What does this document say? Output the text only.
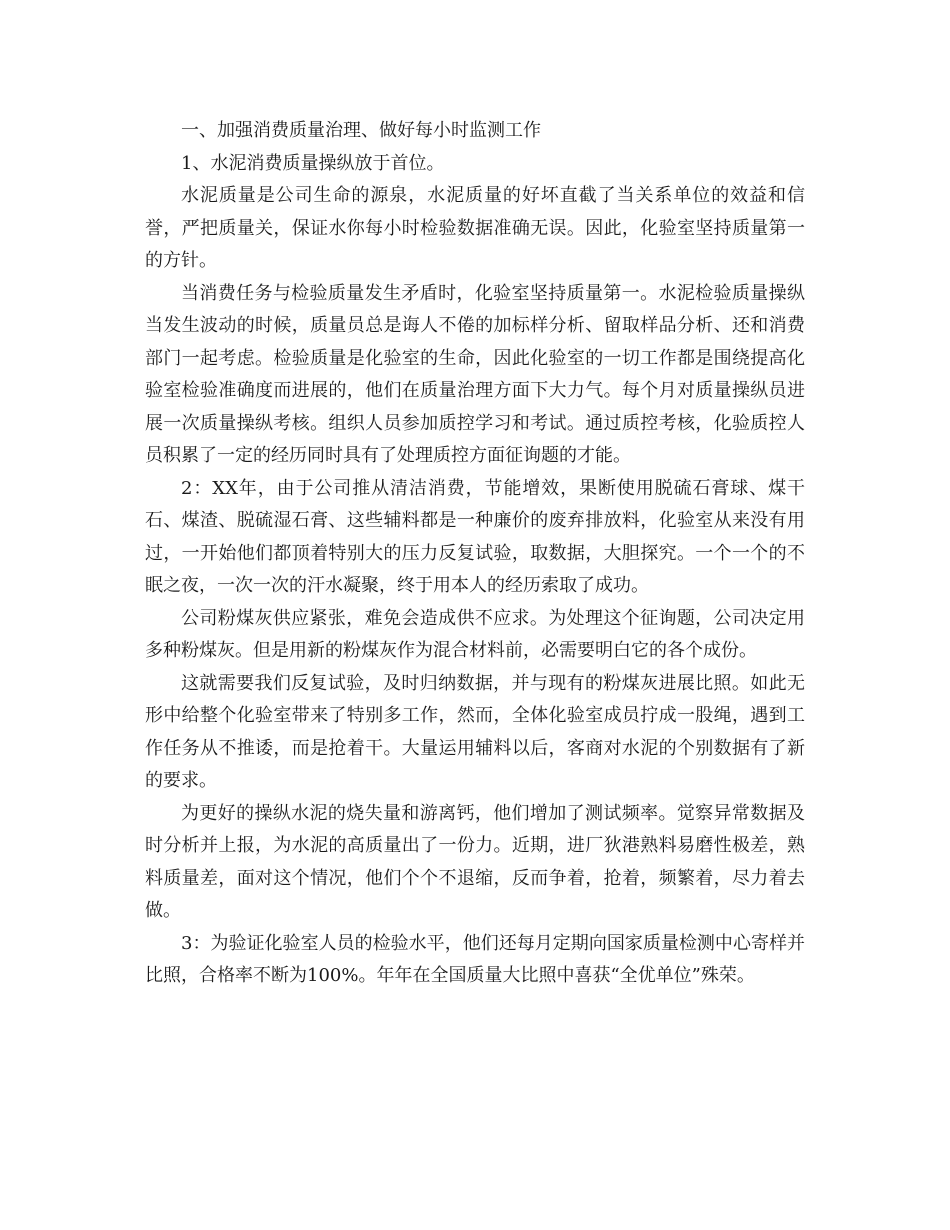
一、加强消费质量治理、做好每小时监测工作

1、水泥消费质量操纵放于首位。

水泥质量是公司生命的源泉，水泥质量的好坏直截了当关系单位的效益和信誉，严把质量关，保证水你每小时检验数据准确无误。因此，化验室坚持质量第一的方针。

当消费任务与检验质量发生矛盾时，化验室坚持质量第一。水泥检验质量操纵当发生波动的时候，质量员总是诲人不倦的加标样分析、留取样品分析、还和消费部门一起考虑。检验质量是化验室的生命，因此化验室的一切工作都是围绕提高化验室检验准确度而进展的，他们在质量治理方面下大力气。每个月对质量操纵员进展一次质量操纵考核。组织人员参加质控学习和考试。通过质控考核，化验质控人员积累了一定的经历同时具有了处理质控方面征询题的才能。

2：XX年，由于公司推从清洁消费，节能增效，果断使用脱硫石膏球、煤干石、煤渣、脱硫湿石膏、这些辅料都是一种廉价的废弃排放料，化验室从来没有用过，一开始他们都顶着特别大的压力反复试验，取数据，大胆探究。一个一个的不眠之夜，一次一次的汗水凝聚，终于用本人的经历索取了成功。

公司粉煤灰供应紧张，难免会造成供不应求。为处理这个征询题，公司决定用多种粉煤灰。但是用新的粉煤灰作为混合材料前，必需要明白它的各个成份。

这就需要我们反复试验，及时归纳数据，并与现有的粉煤灰进展比照。如此无形中给整个化验室带来了特别多工作，然而，全体化验室成员拧成一股绳，遇到工作任务从不推诿，而是抢着干。大量运用辅料以后，客商对水泥的个别数据有了新的要求。

为更好的操纵水泥的烧失量和游离钙，他们增加了测试频率。觉察异常数据及时分析并上报，为水泥的高质量出了一份力。近期，进厂狄港熟料易磨性极差，熟料质量差，面对这个情况，他们个个不退缩，反而争着，抢着，频繁着，尽力着去做。

3：为验证化验室人员的检验水平，他们还每月定期向国家质量检测中心寄样并比照，合格率不断为100%。年年在全国质量大比照中喜获“全优单位”殊荣。
